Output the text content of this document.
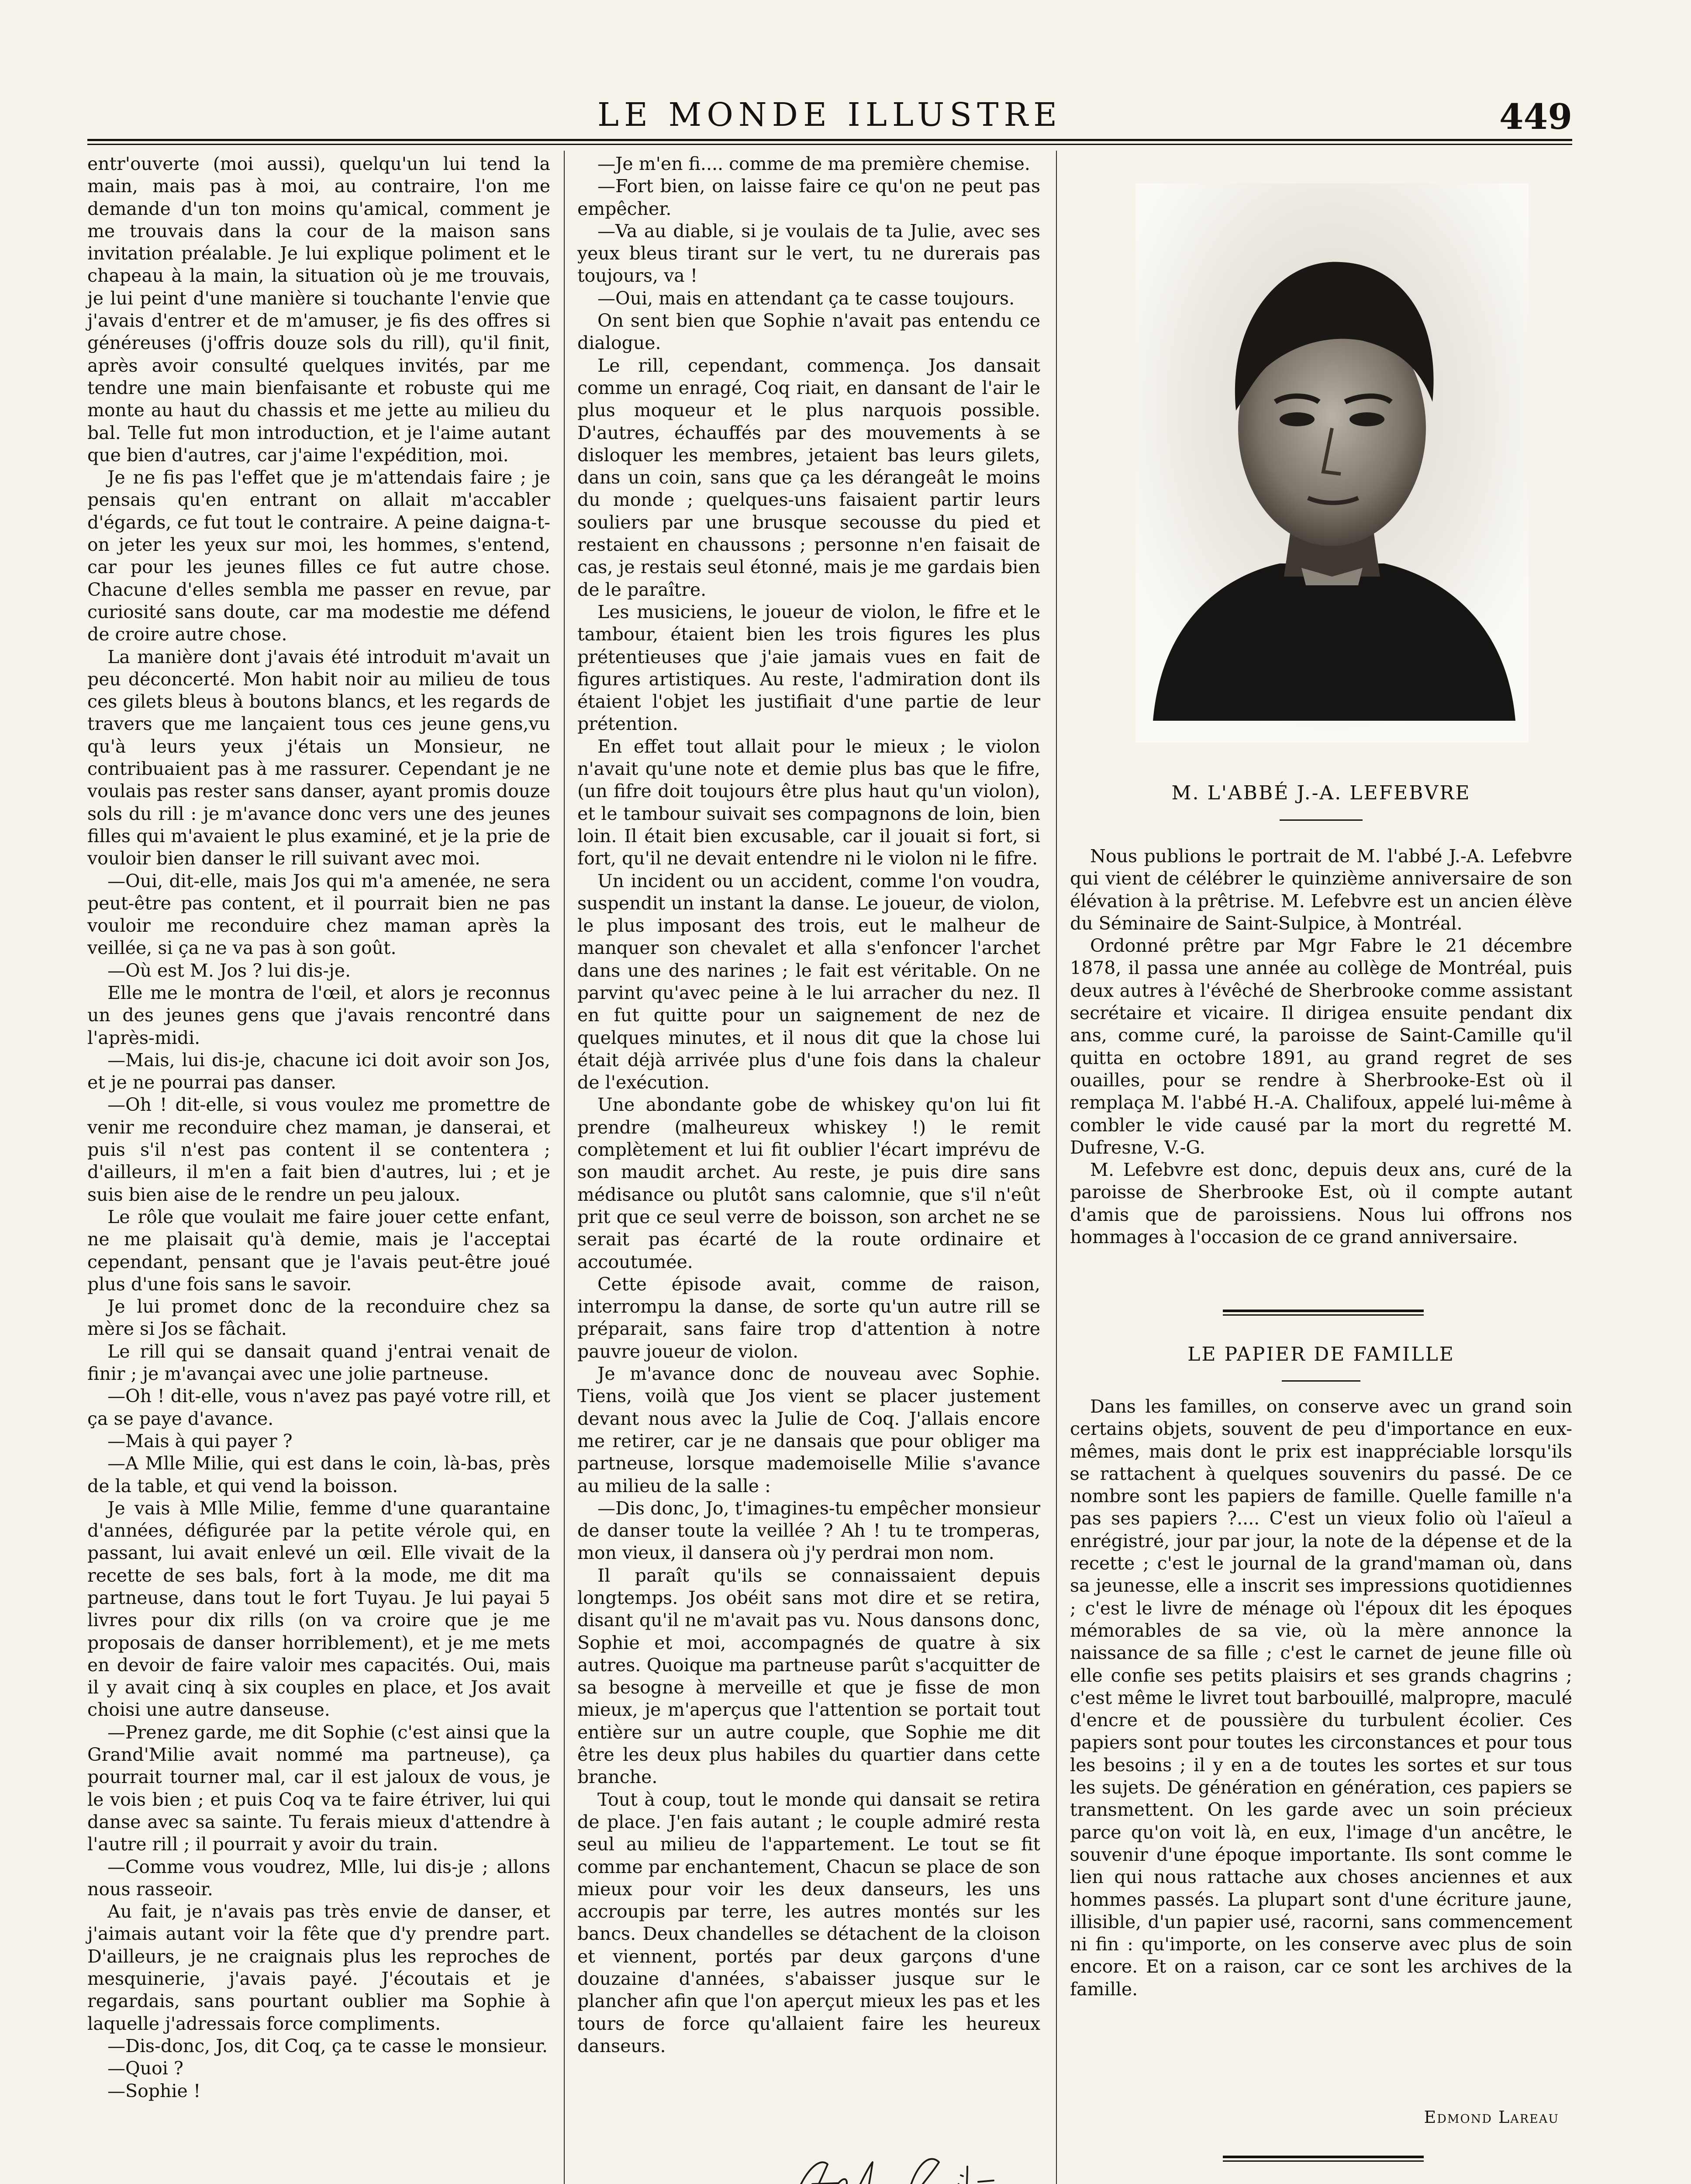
LE MONDE ILLUSTRE	449

entr'ouverte (moi aussi), quelqu'un lui tend la main, mais pas à moi, au contraire, l'on me demande d'un ton moins qu'amical, comment je me trouvais dans la cour de la maison sans invitation préalable. Je lui explique poliment et le chapeau à la main, la situation où je me trouvais, je lui peint d'une manière si touchante l'envie que j'avais d'entrer et de m'amuser, je fis des offres si généreuses (j'offris douze sols du rill), qu'il finit, après avoir consulté quelques invités, par me tendre une main bienfaisante et robuste qui me monte au haut du chassis et me jette au milieu du bal. Telle fut mon introduction, et je l'aime autant que bien d'autres, car j'aime l'expédition, moi.

Je ne fis pas l'effet que je m'attendais faire ; je pensais qu'en entrant on allait m'accabler d'égards, ce fut tout le contraire. A peine daigna-t-on jeter les yeux sur moi, les hommes, s'entend, car pour les jeunes filles ce fut autre chose. Chacune d'elles sembla me passer en revue, par curiosité sans doute, car ma modestie me défend de croire autre chose.

La manière dont j'avais été introduit m'avait un peu déconcerté. Mon habit noir au milieu de tous ces gilets bleus à boutons blancs, et les regards de travers que me lançaient tous ces jeune gens,vu qu'à leurs yeux j'étais un Monsieur, ne contribuaient pas à me rassurer. Cependant je ne voulais pas rester sans danser, ayant promis douze sols du rill : je m'avance donc vers une des jeunes filles qui m'avaient le plus examiné, et je la prie de vouloir bien danser le rill suivant avec moi.

—Oui, dit-elle, mais Jos qui m'a amenée, ne sera peut-être pas content, et il pourrait bien ne pas vouloir me reconduire chez maman après la veillée, si ça ne va pas à son goût.

—Où est M. Jos ? lui dis-je.

Elle me le montra de l'œil, et alors je reconnus un des jeunes gens que j'avais rencontré dans l'après-midi.

—Mais, lui dis-je, chacune ici doit avoir son Jos, et je ne pourrai pas danser.

—Oh ! dit-elle, si vous voulez me promettre de venir me reconduire chez maman, je danserai, et puis s'il n'est pas content il se contentera ; d'ailleurs, il m'en a fait bien d'autres, lui ; et je suis bien aise de le rendre un peu jaloux.

Le rôle que voulait me faire jouer cette enfant, ne me plaisait qu'à demie, mais je l'acceptai cependant, pensant que je l'avais peut-être joué plus d'une fois sans le savoir.

Je lui promet donc de la reconduire chez sa mère si Jos se fâchait.

Le rill qui se dansait quand j'entrai venait de finir ; je m'avançai avec une jolie partneuse.

—Oh ! dit-elle, vous n'avez pas payé votre rill, et ça se paye d'avance.

—Mais à qui payer ?

—A Mlle Milie, qui est dans le coin, là-bas, près de la table, et qui vend la boisson.

Je vais à Mlle Milie, femme d'une quarantaine d'années, défigurée par la petite vérole qui, en passant, lui avait enlevé un œil. Elle vivait de la recette de ses bals, fort à la mode, me dit ma partneuse, dans tout le fort Tuyau. Je lui payai 5 livres pour dix rills (on va croire que je me proposais de danser horriblement), et je me mets en devoir de faire valoir mes capacités. Oui, mais il y avait cinq à six couples en place, et Jos avait choisi une autre danseuse.

—Prenez garde, me dit Sophie (c'est ainsi que la Grand'Milie avait nommé ma partneuse), ça pourrait tourner mal, car il est jaloux de vous, je le vois bien ; et puis Coq va te faire étriver, lui qui danse avec sa sainte. Tu ferais mieux d'attendre à l'autre rill ; il pourrait y avoir du train.

—Comme vous voudrez, Mlle, lui dis-je ; allons nous rasseoir.

Au fait, je n'avais pas très envie de danser, et j'aimais autant voir la fête que d'y prendre part. D'ailleurs, je ne craignais plus les reproches de mesquinerie, j'avais payé. J'écoutais et je regardais, sans pourtant oublier ma Sophie à laquelle j'adressais force compliments.

—Dis-donc, Jos, dit Coq, ça te casse le monsieur.

—Quoi ?

—Sophie !

—Je m'en fi.... comme de ma première chemise.

—Fort bien, on laisse faire ce qu'on ne peut pas empêcher.

—Va au diable, si je voulais de ta Julie, avec ses yeux bleus tirant sur le vert, tu ne durerais pas toujours, va !

—Oui, mais en attendant ça te casse toujours.

On sent bien que Sophie n'avait pas entendu ce dialogue.

Le rill, cependant, commença. Jos dansait comme un enragé, Coq riait, en dansant de l'air le plus moqueur et le plus narquois possible. D'autres, échauffés par des mouvements à se disloquer les membres, jetaient bas leurs gilets, dans un coin, sans que ça les dérangeât le moins du monde ; quelques-uns faisaient partir leurs souliers par une brusque secousse du pied et restaient en chaussons ; personne n'en faisait de cas, je restais seul étonné, mais je me gardais bien de le paraître.

Les musiciens, le joueur de violon, le fifre et le tambour, étaient bien les trois figures les plus prétentieuses que j'aie jamais vues en fait de figures artistiques. Au reste, l'admiration dont ils étaient l'objet les justifiait d'une partie de leur prétention.

En effet tout allait pour le mieux ; le violon n'avait qu'une note et demie plus bas que le fifre, (un fifre doit toujours être plus haut qu'un violon), et le tambour suivait ses compagnons de loin, bien loin. Il était bien excusable, car il jouait si fort, si fort, qu'il ne devait entendre ni le violon ni le fifre.

Un incident ou un accident, comme l'on voudra, suspendit un instant la danse. Le joueur, de violon, le plus imposant des trois, eut le malheur de manquer son chevalet et alla s'enfoncer l'archet dans une des narines ; le fait est véritable. On ne parvint qu'avec peine à le lui arracher du nez. Il en fut quitte pour un saignement de nez de quelques minutes, et il nous dit que la chose lui était déjà arrivée plus d'une fois dans la chaleur de l'exécution.

Une abondante gobe de whiskey qu'on lui fit prendre (malheureux whiskey !) le remit complètement et lui fit oublier l'écart imprévu de son maudit archet. Au reste, je puis dire sans médisance ou plutôt sans calomnie, que s'il n'eût prit que ce seul verre de boisson, son archet ne se serait pas écarté de la route ordinaire et accoutumée.

Cette épisode avait, comme de raison, interrompu la danse, de sorte qu'un autre rill se préparait, sans faire trop d'attention à notre pauvre joueur de violon.

Je m'avance donc de nouveau avec Sophie. Tiens, voilà que Jos vient se placer justement devant nous avec la Julie de Coq. J'allais encore me retirer, car je ne dansais que pour obliger ma partneuse, lorsque mademoiselle Milie s'avance au milieu de la salle :

—Dis donc, Jo, t'imagines-tu empêcher monsieur de danser toute la veillée ? Ah ! tu te tromperas, mon vieux, il dansera où j'y perdrai mon nom.

Il paraît qu'ils se connaissaient depuis longtemps. Jos obéit sans mot dire et se retira, disant qu'il ne m'avait pas vu. Nous dansons donc, Sophie et moi, accompagnés de quatre à six autres. Quoique ma partneuse parût s'acquitter de sa besogne à merveille et que je fisse de mon mieux, je m'aperçus que l'attention se portait tout entière sur un autre couple, que Sophie me dit être les deux plus habiles du quartier dans cette branche.

Tout à coup, tout le monde qui dansait se retira de place. J'en fais autant ; le couple admiré resta seul au milieu de l'appartement. Le tout se fit comme par enchantement, Chacun se place de son mieux pour voir les deux danseurs, les uns accroupis par terre, les autres montés sur les bancs. Deux chandelles se détachent de la cloison et viennent, portés par deux garçons d'une douzaine d'années, s'abaisser jusque sur le plancher afin que l'on aperçut mieux les pas et les tours de force qu'allaient faire les heureux danseurs.

M. L'ABBÉ J.-A. LEFEBVRE

Nous publions le portrait de M. l'abbé J.-A. Lefebvre qui vient de célébrer le quinzième anniversaire de son élévation à la prêtrise. M. Lefebvre est un ancien élève du Séminaire de Saint-Sulpice, à Montréal.

Ordonné prêtre par Mgr Fabre le 21 décembre 1878, il passa une année au collège de Montréal, puis deux autres à l'évêché de Sherbrooke comme assistant secrétaire et vicaire. Il dirigea ensuite pendant dix ans, comme curé, la paroisse de Saint-Camille qu'il quitta en octobre 1891, au grand regret de ses ouailles, pour se rendre à Sherbrooke-Est où il remplaça M. l'abbé H.-A. Chalifoux, appelé lui-même à combler le vide causé par la mort du regretté M. Dufresne, V.-G.

M. Lefebvre est donc, depuis deux ans, curé de la paroisse de Sherbrooke Est, où il compte autant d'amis que de paroissiens. Nous lui offrons nos hommages à l'occasion de ce grand anniversaire.

LE PAPIER DE FAMILLE

Dans les familles, on conserve avec un grand soin certains objets, souvent de peu d'importance en eux-mêmes, mais dont le prix est inappréciable lorsqu'ils se rattachent à quelques souvenirs du passé. De ce nombre sont les papiers de famille. Quelle famille n'a pas ses papiers ?.... C'est un vieux folio où l'aïeul a enrégistré, jour par jour, la note de la dépense et de la recette ; c'est le journal de la grand'maman où, dans sa jeunesse, elle a inscrit ses impressions quotidiennes ; c'est le livre de ménage où l'époux dit les époques mémorables de sa vie, où la mère annonce la naissance de sa fille ; c'est le carnet de jeune fille où elle confie ses petits plaisirs et ses grands chagrins ; c'est même le livret tout barbouillé, malpropre, maculé d'encre et de poussière du turbulent écolier. Ces papiers sont pour toutes les circonstances et pour tous les besoins ; il y en a de toutes les sortes et sur tous les sujets. De génération en génération, ces papiers se transmettent. On les garde avec un soin précieux parce qu'on voit là, en eux, l'image d'un ancêtre, le souvenir d'une époque importante. Ils sont comme le lien qui nous rattache aux choses anciennes et aux hommes passés. La plupart sont d'une écriture jaune, illisible, d'un papier usé, racorni, sans commencement ni fin : qu'importe, on les conserve avec plus de soin encore. Et on a raison, car ce sont les archives de la famille.

Edmond Lareau
